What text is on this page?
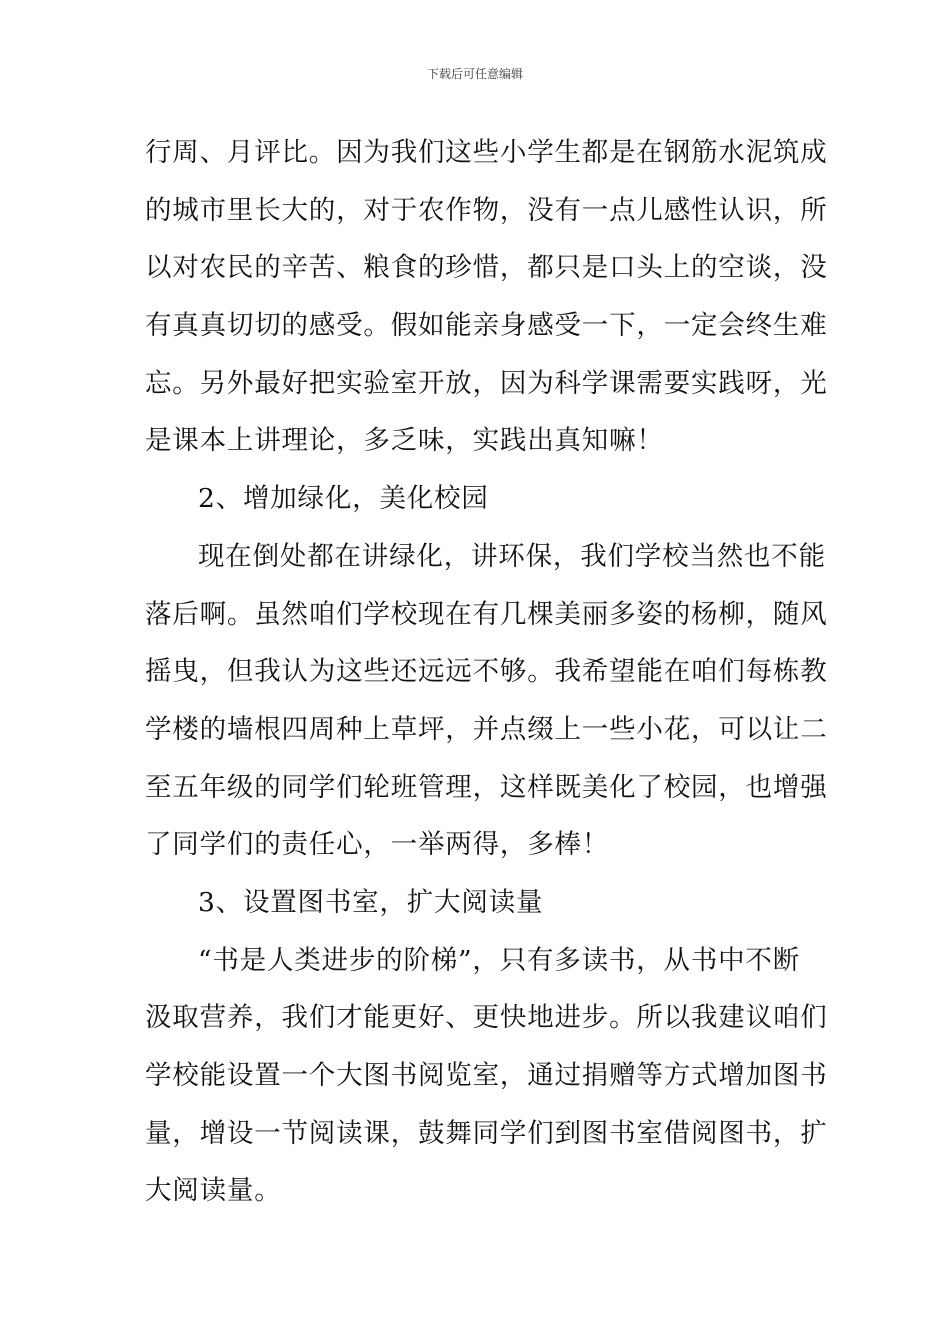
下载后可任意编辑
行周、月评比。因为我们这些小学生都是在钢筋水泥筑成
的城市里长大的，对于农作物，没有一点儿感性认识，所
以对农民的辛苦、粮食的珍惜，都只是口头上的空谈，没
有真真切切的感受。假如能亲身感受一下，一定会终生难
忘。另外最好把实验室开放，因为科学课需要实践呀，光
是课本上讲理论，多乏味，实践出真知嘛！
2、增加绿化，美化校园
现在倒处都在讲绿化，讲环保，我们学校当然也不能
落后啊。虽然咱们学校现在有几棵美丽多姿的杨柳，随风
摇曳，但我认为这些还远远不够。我希望能在咱们每栋教
学楼的墙根四周种上草坪，并点缀上一些小花，可以让二
至五年级的同学们轮班管理，这样既美化了校园，也增强
了同学们的责任心，一举两得，多棒！
3、设置图书室，扩大阅读量
“书是人类进步的阶梯”，只有多读书，从书中不断
汲取营养，我们才能更好、更快地进步。所以我建议咱们
学校能设置一个大图书阅览室，通过捐赠等方式增加图书
量，增设一节阅读课，鼓舞同学们到图书室借阅图书，扩
大阅读量。
